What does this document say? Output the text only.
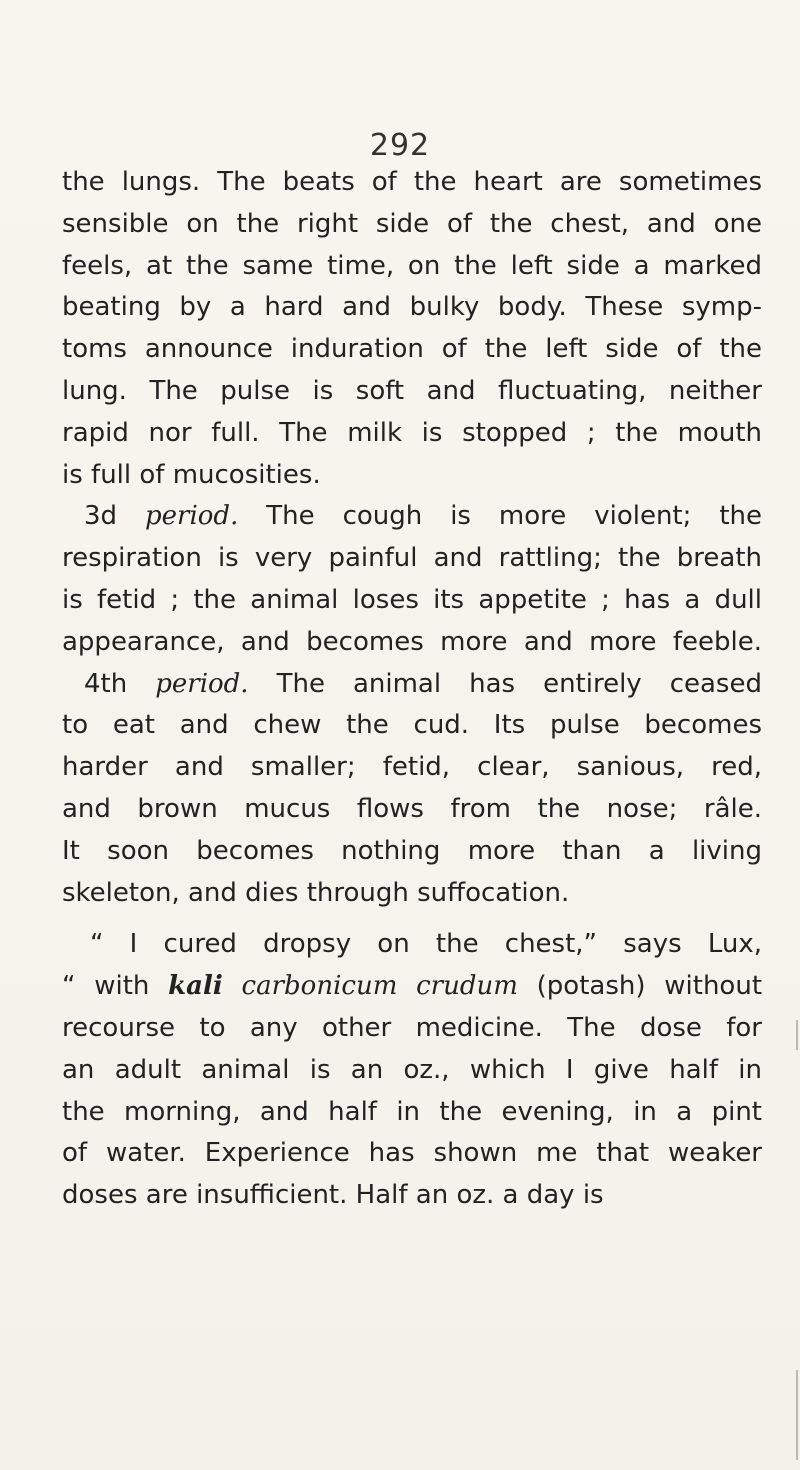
292
the lungs. The beats of the heart are sometimes
sensible on the right side of the chest, and one
feels, at the same time, on the left side a marked
beating by a hard and bulky body. These symp-
toms announce induration of the left side of the
lung. The pulse is soft and fluctuating, neither
rapid nor full. The milk is stopped ; the mouth
is full of mucosities.
3d period. The cough is more violent; the
respiration is very painful and rattling; the breath
is fetid ; the animal loses its appetite ; has a dull
appearance, and becomes more and more feeble.
4th period. The animal has entirely ceased
to eat and chew the cud. Its pulse becomes
harder and smaller; fetid, clear, sanious, red,
and brown mucus flows from the nose; râle.
It soon becomes nothing more than a living
skeleton, and dies through suffocation.
“ I cured dropsy on the chest,” says Lux,
“ with kali carbonicum crudum (potash) without
recourse to any other medicine. The dose for
an adult animal is an oz., which I give half in
the morning, and half in the evening, in a pint
of water. Experience has shown me that weaker
doses are insufficient. Half an oz. a day is
